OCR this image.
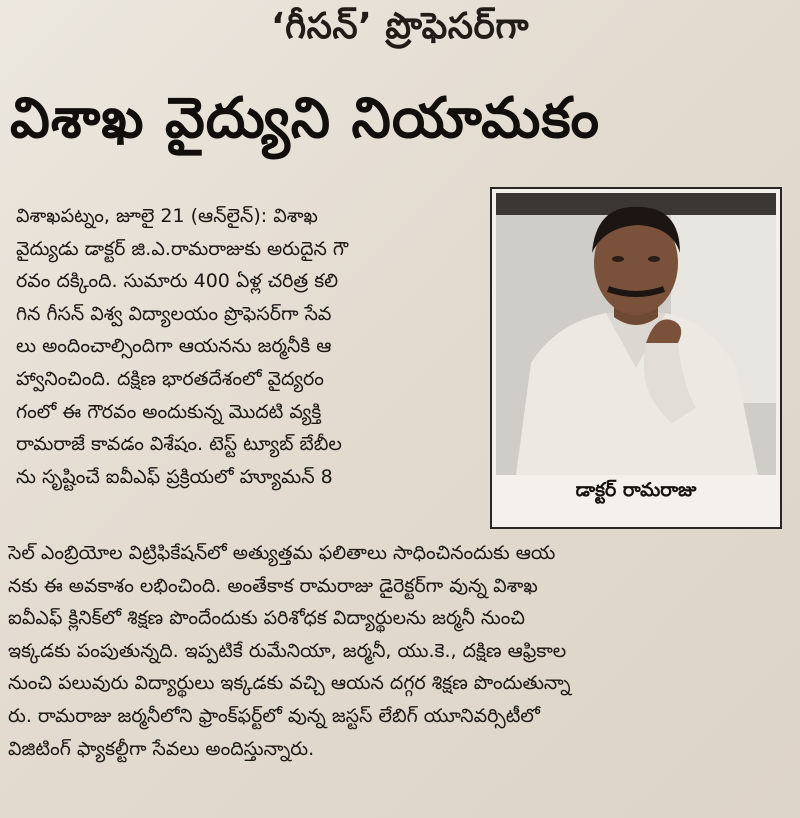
‘గీసన్’ ప్రొఫెసర్‌గా
విశాఖ వైద్యుని నియామకం
విశాఖపట్నం, జూలై 21 (ఆన్‌లైన్): విశాఖ
వైద్యుడు డాక్టర్ జి.ఎ.రామరాజుకు అరుదైన గౌ
రవం దక్కింది. సుమారు 400 ఏళ్ల చరిత్ర కలి
గిన గీసన్ విశ్వ విద్యాలయం ప్రొఫెసర్‌గా సేవ
లు అందించాల్సిందిగా ఆయనను జర్మనీకి ఆ
హ్వానించింది. దక్షిణ భారతదేశంలో వైద్యరం
గంలో ఈ గౌరవం అందుకున్న మొదటి వ్యక్తి
రామరాజే కావడం విశేషం. టెస్ట్ ట్యూబ్ బేబీల
ను సృష్టించే ఐవీఎఫ్ ప్రక్రియలో హ్యూమన్ 8
డాక్టర్ రామరాజు
సెల్ ఎంబ్రియోల విట్రిఫికేషన్‌లో అత్యుత్తమ ఫలితాలు సాధించినందుకు ఆయ
నకు ఈ అవకాశం లభించింది. అంతేకాక రామరాజు డైరెక్టర్‌గా వున్న విశాఖ
ఐవీఎఫ్ క్లినిక్‌లో శిక్షణ పొందేందుకు పరిశోధక విద్యార్థులను జర్మనీ నుంచి
ఇక్కడకు పంపుతున్నది. ఇప్పటికే రుమేనియా, జర్మనీ, యు.కె., దక్షిణ ఆఫ్రికాల
నుంచి పలువురు విద్యార్థులు ఇక్కడకు వచ్చి ఆయన దగ్గర శిక్షణ పొందుతున్నా
రు. రామరాజు జర్మనీలోని ఫ్రాంక్‌ఫర్ట్‌లో వున్న జస్టస్ లేబిగ్ యూనివర్సిటీలో
విజిటింగ్ ఫ్యాకల్టీగా సేవలు అందిస్తున్నారు.
